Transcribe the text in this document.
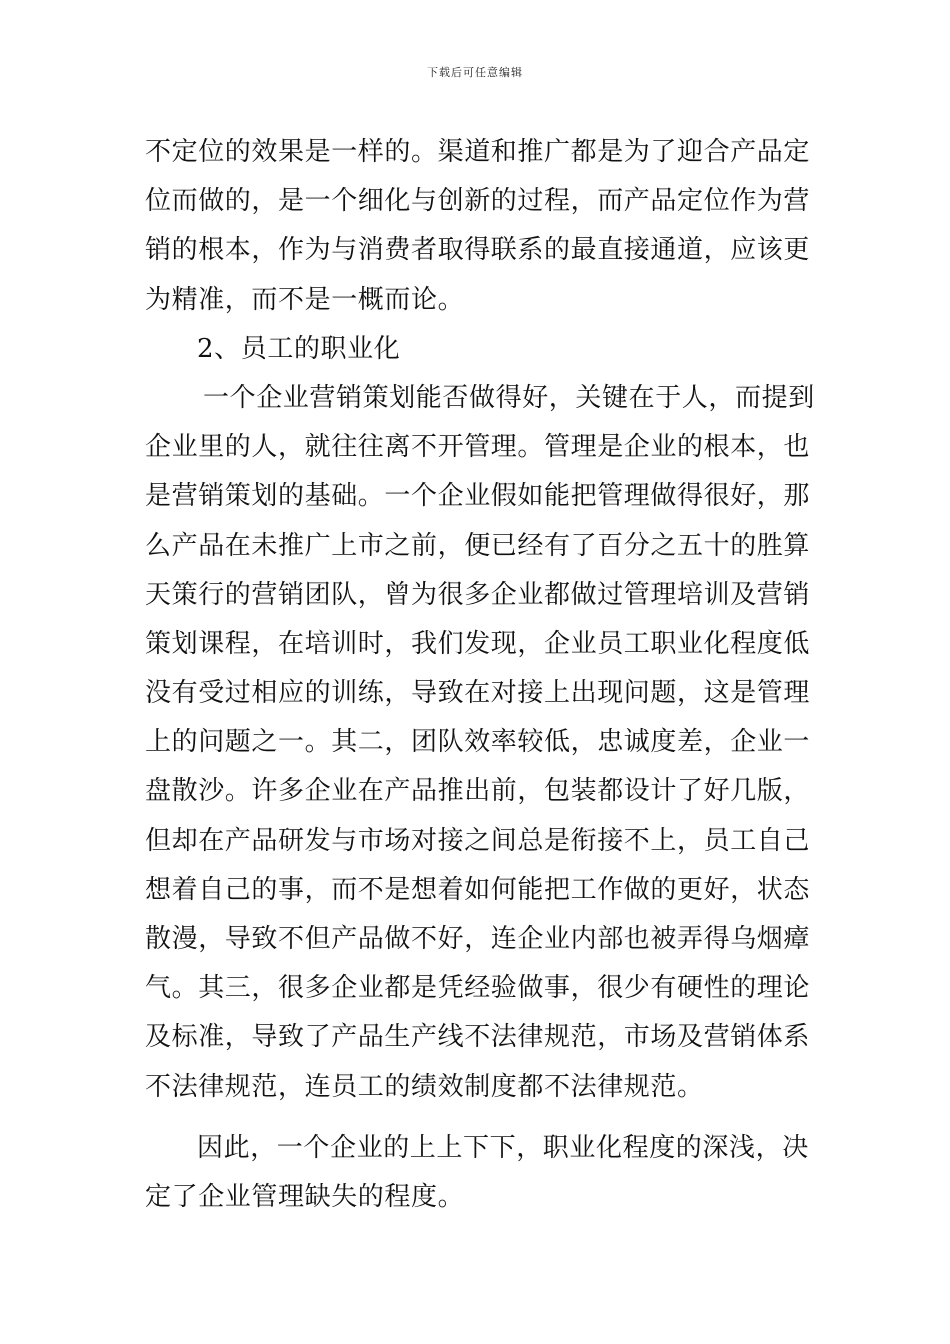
下载后可任意编辑
不定位的效果是一样的。渠道和推广都是为了迎合产品定
位而做的，是一个细化与创新的过程，而产品定位作为营
销的根本，作为与消费者取得联系的最直接通道，应该更
为精准，而不是一概而论。
2、员工的职业化
一个企业营销策划能否做得好，关键在于人，而提到
企业里的人，就往往离不开管理。管理是企业的根本，也
是营销策划的基础。一个企业假如能把管理做得很好，那
么产品在未推广上市之前，便已经有了百分之五十的胜算
天策行的营销团队，曾为很多企业都做过管理培训及营销
策划课程，在培训时，我们发现，企业员工职业化程度低
没有受过相应的训练，导致在对接上出现问题，这是管理
上的问题之一。其二，团队效率较低，忠诚度差，企业一
盘散沙。许多企业在产品推出前，包装都设计了好几版，
但却在产品研发与市场对接之间总是衔接不上，员工自己
想着自己的事，而不是想着如何能把工作做的更好，状态
散漫，导致不但产品做不好，连企业内部也被弄得乌烟瘴
气。其三，很多企业都是凭经验做事，很少有硬性的理论
及标准，导致了产品生产线不法律规范，市场及营销体系
不法律规范，连员工的绩效制度都不法律规范。
因此，一个企业的上上下下，职业化程度的深浅，决
定了企业管理缺失的程度。
